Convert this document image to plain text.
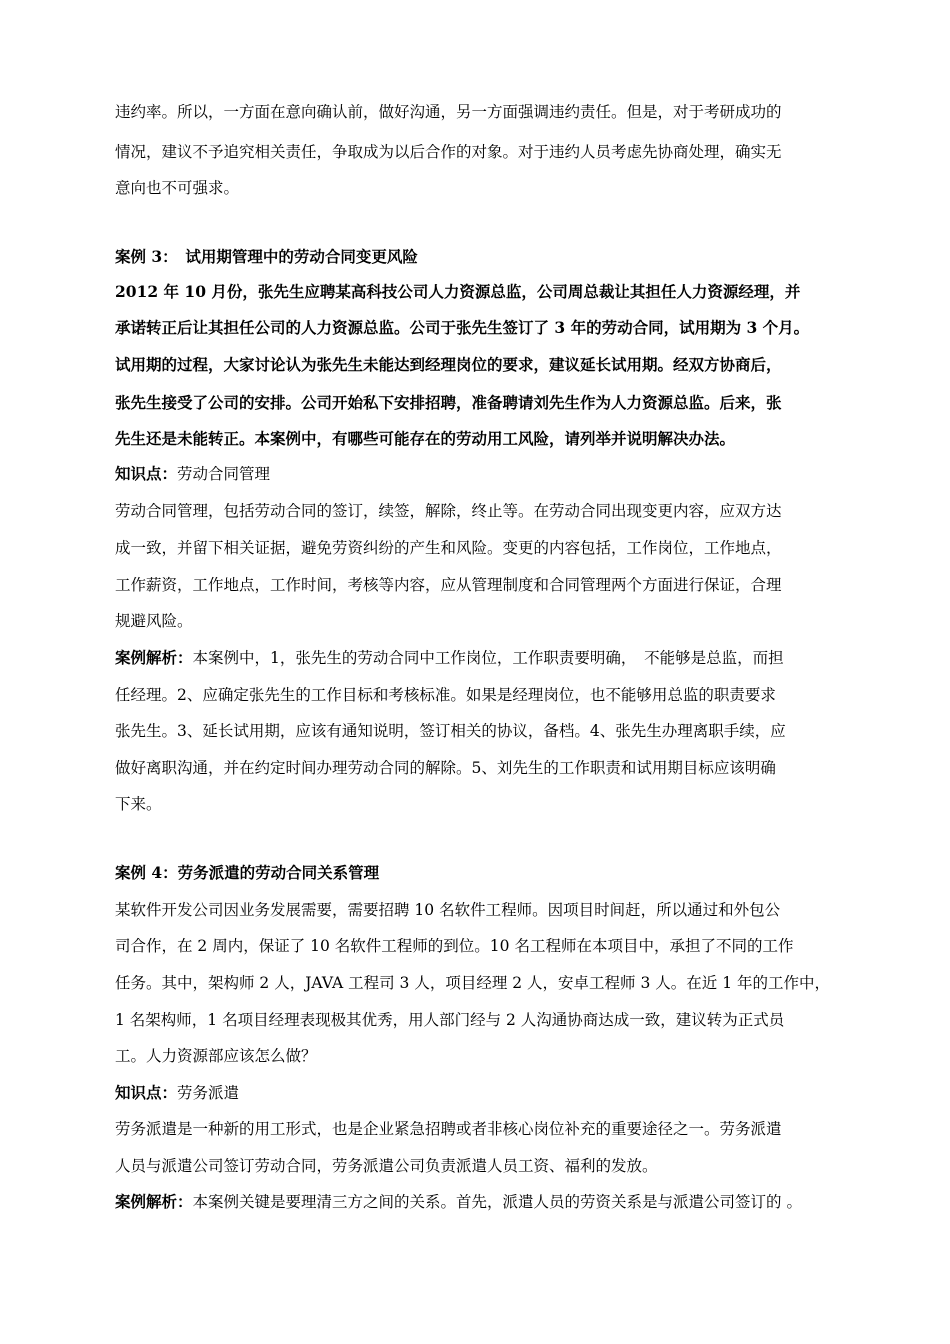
违约率。所以，一方面在意向确认前，做好沟通，另一方面强调违约责任。但是，对于考研成功的
情况，建议不予追究相关责任，争取成为以后合作的对象。对于违约人员考虑先协商处理，确实无
意向也不可强求。
案例 3：　试用期管理中的劳动合同变更风险
2012 年 10 月份，张先生应聘某高科技公司人力资源总监，公司周总裁让其担任人力资源经理，并
承诺转正后让其担任公司的人力资源总监。公司于张先生签订了 3 年的劳动合同，试用期为 3 个月。
试用期的过程，大家讨论认为张先生未能达到经理岗位的要求，建议延长试用期。经双方协商后，
张先生接受了公司的安排。公司开始私下安排招聘，准备聘请刘先生作为人力资源总监。后来，张
先生还是未能转正。本案例中，有哪些可能存在的劳动用工风险，请列举并说明解决办法。
知识点：劳动合同管理
劳动合同管理，包括劳动合同的签订，续签，解除，终止等。在劳动合同出现变更内容，应双方达
成一致，并留下相关证据，避免劳资纠纷的产生和风险。变更的内容包括，工作岗位，工作地点，
工作薪资，工作地点，工作时间，考核等内容，应从管理制度和合同管理两个方面进行保证，合理
规避风险。
案例解析：本案例中，1，张先生的劳动合同中工作岗位，工作职责要明确，　不能够是总监，而担
任经理。2、应确定张先生的工作目标和考核标准。如果是经理岗位，也不能够用总监的职责要求
张先生。3、延长试用期，应该有通知说明，签订相关的协议，备档。4、张先生办理离职手续，应
做好离职沟通，并在约定时间办理劳动合同的解除。5、刘先生的工作职责和试用期目标应该明确
下来。
案例 4：劳务派遣的劳动合同关系管理
某软件开发公司因业务发展需要，需要招聘 10 名软件工程师。因项目时间赶，所以通过和外包公
司合作，在 2 周内，保证了 10 名软件工程师的到位。10 名工程师在本项目中，承担了不同的工作
任务。其中，架构师 2 人，JAVA 工程司 3 人，项目经理 2 人，安卓工程师 3 人。在近 1 年的工作中，
1 名架构师，1 名项目经理表现极其优秀，用人部门经与 2 人沟通协商达成一致，建议转为正式员
工。人力资源部应该怎么做？
知识点：劳务派遣
劳务派遣是一种新的用工形式，也是企业紧急招聘或者非核心岗位补充的重要途径之一。劳务派遣
人员与派遣公司签订劳动合同，劳务派遣公司负责派遣人员工资、福利的发放。
案例解析：本案例关键是要理清三方之间的关系。首先，派遣人员的劳资关系是与派遣公司签订的 。
